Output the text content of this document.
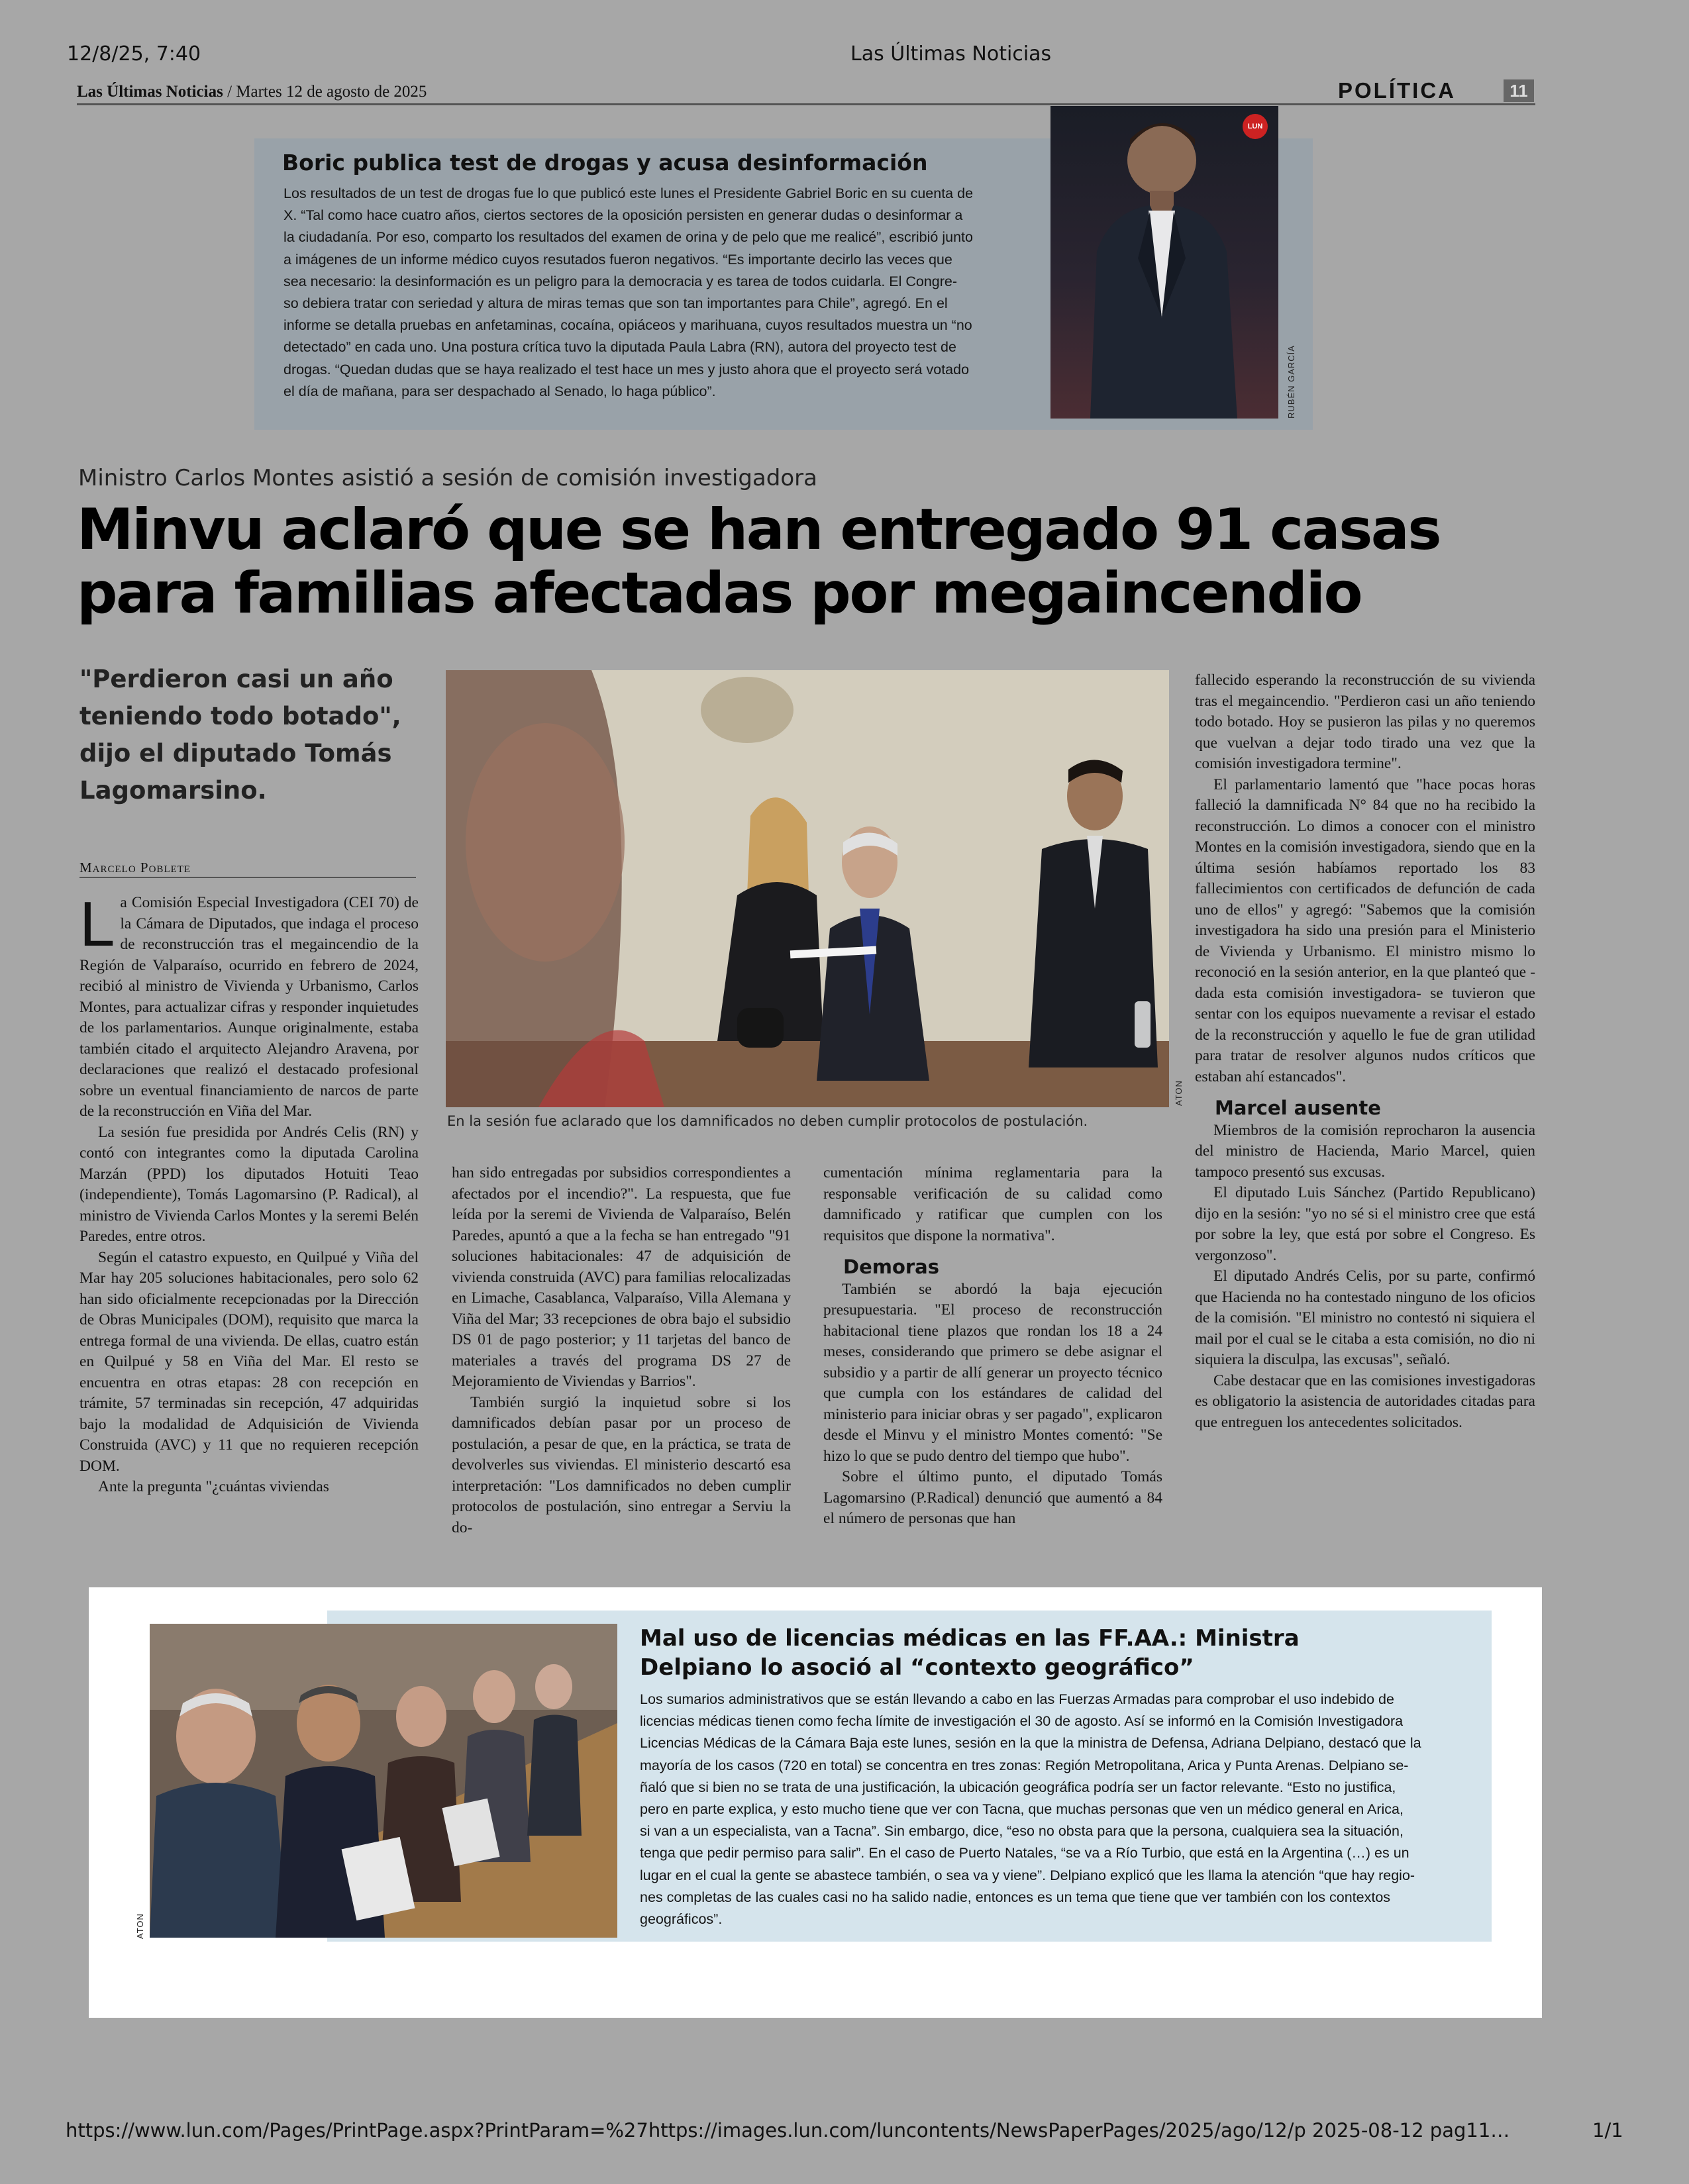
12/8/25, 7:40	Las Últimas Noticias
Las Últimas Noticias / Martes 12 de agosto de 2025	POLÍTICA	11
Boric publica test de drogas y acusa desinformación
Los resultados de un test de drogas fue lo que publicó este lunes el Presidente Gabriel Boric en su cuenta de
X. “Tal como hace cuatro años, ciertos sectores de la oposición persisten en generar dudas o desinformar a
la ciudadanía. Por eso, comparto los resultados del examen de orina y de pelo que me realicé”, escribió junto
a imágenes de un informe médico cuyos resutados fueron negativos. “Es importante decirlo las veces que
sea necesario: la desinformación es un peligro para la democracia y es tarea de todos cuidarla. El Congre-
so debiera tratar con seriedad y altura de miras temas que son tan importantes para Chile”, agregó. En el
informe se detalla pruebas en anfetaminas, cocaína, opiáceos y marihuana, cuyos resultados muestra un “no
detectado” en cada uno. Una postura crítica tuvo la diputada Paula Labra (RN), autora del proyecto test de
drogas. “Quedan dudas que se haya realizado el test hace un mes y justo ahora que el proyecto será votado
el día de mañana, para ser despachado al Senado, lo haga público”.
LUN
RUBÉN GARCÍA
Ministro Carlos Montes asistió a sesión de comisión investigadora
Minvu aclaró que se han entregado 91 casas
para familias afectadas por megaincendio
"Perdieron casi un año teniendo todo botado", dijo el diputado Tomás Lagomarsino.
Marcelo Poblete
ATON
En la sesión fue aclarado que los damnificados no deben cumplir protocolos de postulación.

La Comisión Especial Investigadora (CEI 70) de la Cámara de Diputados, que indaga el proceso de reconstrucción tras el megaincendio de la Región de Valparaíso, ocurrido en febrero de 2024, recibió al ministro de Vivienda y Urbanismo, Carlos Montes, para actualizar cifras y responder inquietudes de los parlamentarios. Aunque originalmente, estaba también citado el arquitecto Alejandro Aravena, por declaraciones que realizó el destacado profesional sobre un eventual financiamiento de narcos de parte de la reconstrucción en Viña del Mar.

La sesión fue presidida por Andrés Celis (RN) y contó con integrantes como la diputada Carolina Marzán (PPD) los diputados Hotuiti Teao (independiente), Tomás Lagomarsino (P. Radical), al ministro de Vivienda Carlos Montes y la seremi Belén Paredes, entre otros.

Según el catastro expuesto, en Quilpué y Viña del Mar hay 205 soluciones habitacionales, pero solo 62 han sido oficialmente recepcionadas por la Dirección de Obras Municipales (DOM), requisito que marca la entrega formal de una vivienda. De ellas, cuatro están en Quilpué y 58 en Viña del Mar. El resto se encuentra en otras etapas: 28 con recepción en trámite, 57 terminadas sin recepción, 47 adquiridas bajo la modalidad de Adquisición de Vivienda Construida (AVC) y 11 que no requieren recepción DOM.

Ante la pregunta "¿cuántas viviendas

han sido entregadas por subsidios correspondientes a afectados por el incendio?". La respuesta, que fue leída por la seremi de Vivienda de Valparaíso, Belén Paredes, apuntó a que a la fecha se han entregado "91 soluciones habitacionales: 47 de adquisición de vivienda construida (AVC) para familias relocalizadas en Limache, Casablanca, Valparaíso, Villa Alemana y Viña del Mar; 33 recepciones de obra bajo el subsidio DS 01 de pago posterior; y 11 tarjetas del banco de materiales a través del programa DS 27 de Mejoramiento de Viviendas y Barrios".

También surgió la inquietud sobre si los damnificados debían pasar por un proceso de postulación, a pesar de que, en la práctica, se trata de devolverles sus viviendas. El ministerio descartó esa interpretación: "Los damnificados no deben cumplir protocolos de postulación, sino entregar a Serviu la do-

cumentación mínima reglamentaria para la responsable verificación de su calidad como damnificado y ratificar que cumplen con los requisitos que dispone la normativa".

Demoras

También se abordó la baja ejecución presupuestaria. "El proceso de reconstrucción habitacional tiene plazos que rondan los 18 a 24 meses, considerando que primero se debe asignar el subsidio y a partir de allí generar un proyecto técnico que cumpla con los estándares de calidad del ministerio para iniciar obras y ser pagado", explicaron desde el Minvu y el ministro Montes comentó: "Se hizo lo que se pudo dentro del tiempo que hubo".

Sobre el último punto, el diputado Tomás Lagomarsino (P.Radical) denunció que aumentó a 84 el número de personas que han

fallecido esperando la reconstrucción de su vivienda tras el megaincendio. "Perdieron casi un año teniendo todo botado. Hoy se pusieron las pilas y no queremos que vuelvan a dejar todo tirado una vez que la comisión investigadora termine".

El parlamentario lamentó que "hace pocas horas falleció la damnificada N° 84 que no ha recibido la reconstrucción. Lo dimos a conocer con el ministro Montes en la comisión investigadora, siendo que en la última sesión habíamos reportado los 83 fallecimientos con certificados de defunción de cada uno de ellos" y agregó: "Sabemos que la comisión investigadora ha sido una presión para el Ministerio de Vivienda y Urbanismo. El ministro mismo lo reconoció en la sesión anterior, en la que planteó que -dada esta comisión investigadora- se tuvieron que sentar con los equipos nuevamente a revisar el estado de la reconstrucción y aquello le fue de gran utilidad para tratar de resolver algunos nudos críticos que estaban ahí estancados".

Marcel ausente

Miembros de la comisión reprocharon la ausencia del ministro de Hacienda, Mario Marcel, quien tampoco presentó sus excusas.

El diputado Luis Sánchez (Partido Republicano) dijo en la sesión: "yo no sé si el ministro cree que está por sobre la ley, que está por sobre el Congreso. Es vergonzoso".

El diputado Andrés Celis, por su parte, confirmó que Hacienda no ha contestado ninguno de los oficios de la comisión. "El ministro no contestó ni siquiera el mail por el cual se le citaba a esta comisión, no dio ni siquiera la disculpa, las excusas", señaló.

Cabe destacar que en las comisiones investigadoras es obligatorio la asistencia de autoridades citadas para que entreguen los antecedentes solicitados.

ATON
Mal uso de licencias médicas en las FF.AA.: Ministra
Delpiano lo asoció al “contexto geográfico”
Los sumarios administrativos que se están llevando a cabo en las Fuerzas Armadas para comprobar el uso indebido de
licencias médicas tienen como fecha límite de investigación el 30 de agosto. Así se informó en la Comisión Investigadora
Licencias Médicas de la Cámara Baja este lunes, sesión en la que la ministra de Defensa, Adriana Delpiano, destacó que la
mayoría de los casos (720 en total) se concentra en tres zonas: Región Metropolitana, Arica y Punta Arenas. Delpiano se-
ñaló que si bien no se trata de una justificación, la ubicación geográfica podría ser un factor relevante. “Esto no justifica,
pero en parte explica, y esto mucho tiene que ver con Tacna, que muchas personas que ven un médico general en Arica,
si van a un especialista, van a Tacna”. Sin embargo, dice, “eso no obsta para que la persona, cualquiera sea la situación,
tenga que pedir permiso para salir”. En el caso de Puerto Natales, “se va a Río Turbio, que está en la Argentina (…) es un
lugar en el cual la gente se abastece también, o sea va y viene”. Delpiano explicó que les llama la atención “que hay regio-
nes completas de las cuales casi no ha salido nadie, entonces es un tema que tiene que ver también con los contextos
geográficos”.
https://www.lun.com/Pages/PrintPage.aspx?PrintParam=%27https://images.lun.com/luncontents/NewsPaperPages/2025/ago/12/p 2025-08-12 pag11…	1/1
